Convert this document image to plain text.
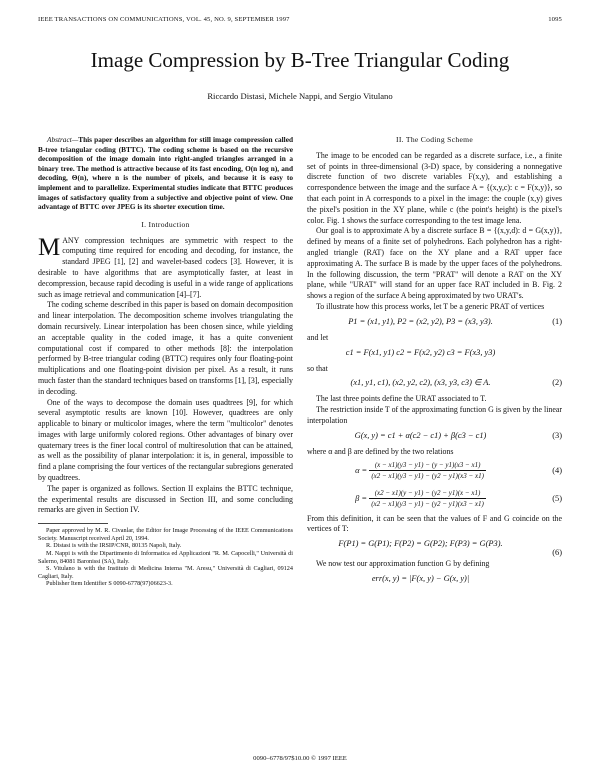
IEEE TRANSACTIONS ON COMMUNICATIONS, VOL. 45, NO. 9, SEPTEMBER 1997	1095
Image Compression by B-Tree Triangular Coding
Riccardo Distasi, Michele Nappi, and Sergio Vitulano

Abstract—This paper describes an algorithm for still image compression called B-tree triangular coding (BTTC). The coding scheme is based on the recursive decomposition of the image domain into right-angled triangles arranged in a binary tree. The method is attractive because of its fast encoding, O(n log n), and decoding, Θ(n), where n is the number of pixels, and because it is easy to implement and to parallelize. Experimental studies indicate that BTTC produces images of satisfactory quality from a subjective and objective point of view. One advantage of BTTC over JPEG is its shorter execution time.

I. Introduction

MANY compression techniques are symmetric with respect to the computing time required for encoding and decoding, for instance, the standard JPEG [1], [2] and wavelet-based codecs [3]. However, it is desirable to have algorithms that are asymptotically faster, at least in decompression, because rapid decoding is useful in a wide range of applications such as image retrieval and communication [4]–[7].

The coding scheme described in this paper is based on domain decomposition and linear interpolation. The decomposition scheme involves triangulating the domain recursively. Linear interpolation has been chosen since, while yielding an acceptable quality in the coded image, it has a quite convenient computational cost if compared to other methods [8]: the interpolation performed by B-tree triangular coding (BTTC) requires only four floating-point multiplications and one floating-point division per pixel. As a result, it runs much faster than the standard techniques based on transforms [1], [3], especially in decoding.

One of the ways to decompose the domain uses quadtrees [9], for which several asymptotic results are known [10]. However, quadtrees are only applicable to binary or multicolor images, where the term "multicolor" denotes images with large uniformly colored regions. Other advantages of binary over quaternary trees is the finer local control of multiresolution that can be attained, as well as the possibility of planar interpolation: it is, in general, impossible to find a plane comprising the four vertices of the rectangular subregions generated by quadtrees.

The paper is organized as follows. Section II explains the BTTC technique, the experimental results are discussed in Section III, and some concluding remarks are given in Section IV.

Paper approved by M. R. Civanlar, the Editor for Image Processing of the IEEE Communications Society. Manuscript received April 20, 1994.
R. Distasi is with the IRSIP/CNR, 80135 Napoli, Italy.
M. Nappi is with the Dipartimento di Informatica ed Applicazioni "R. M. Capocelli," Università di Salerno, 84081 Baronissi (SA), Italy.
S. Vitulano is with the Instituto di Medicina Interna "M. Aresu," Università di Cagliari, 09124 Cagliari, Italy.
Publisher Item Identifier S 0090-6778(97)06623-3.
II. The Coding Scheme

The image to be encoded can be regarded as a discrete surface, i.e., a finite set of points in three-dimensional (3-D) space, by considering a nonnegative discrete function of two discrete variables F(x,y), and establishing a correspondence between the image and the surface A = {(x,y,c): c = F(x,y)}, so that each point in A corresponds to a pixel in the image: the couple (x,y) gives the pixel's position in the XY plane, while c (the point's height) is the pixel's color. Fig. 1 shows the surface corresponding to the test image lena.

Our goal is to approximate A by a discrete surface B = {(x,y,d): d = G(x,y)}, defined by means of a finite set of polyhedrons. Each polyhedron has a right-angled triangle (RAT) face on the XY plane and a RAT upper face approximating A. The surface B is made by the upper faces of the polyhedrons. In the following discussion, the term "PRAT" will denote a RAT on the XY plane, while "URAT" will stand for an upper face RAT included in B. Fig. 2 shows a region of the surface A being approximated by two URAT's.

To illustrate how this process works, let T be a generic PRAT of vertices

P1 = (x1, y1), P2 = (x2, y2), P3 = (x3, y3).	(1)

and let

c1 = F(x1, y1) c2 = F(x2, y2) c3 = F(x3, y3)

so that

(x1, y1, c1), (x2, y2, c2), (x3, y3, c3) ∈ A.	(2)

The last three points define the URAT associated to T.

The restriction inside T of the approximating function G is given by the linear interpolation

G(x, y) = c1 + α(c2 − c1) + β(c3 − c1)	(3)

where α and β are defined by the two relations

$\alpha = \frac{(x - x1)(y3 - y1) - (y - y1)(x3 - x1)}{(x2 - x1)(y3 - y1) - (y2 - y1)(x3 - x1)}$	(4)
$\beta = \frac{(x2 - x1)(y - y1) - (y2 - y1)(x - x1)}{(x2 - x1)(y3 - y1) - (y2 - y1)(x3 - x1)}$	(5)

From this definition, it can be seen that the values of F and G coincide on the vertices of T:

F(P1) = G(P1); F(P2) = G(P2); F(P3) = G(P3).
(6)

We now test our approximation function G by defining

err(x, y) = |F(x, y) − G(x, y)|
0090–6778/97$10.00 © 1997 IEEE
